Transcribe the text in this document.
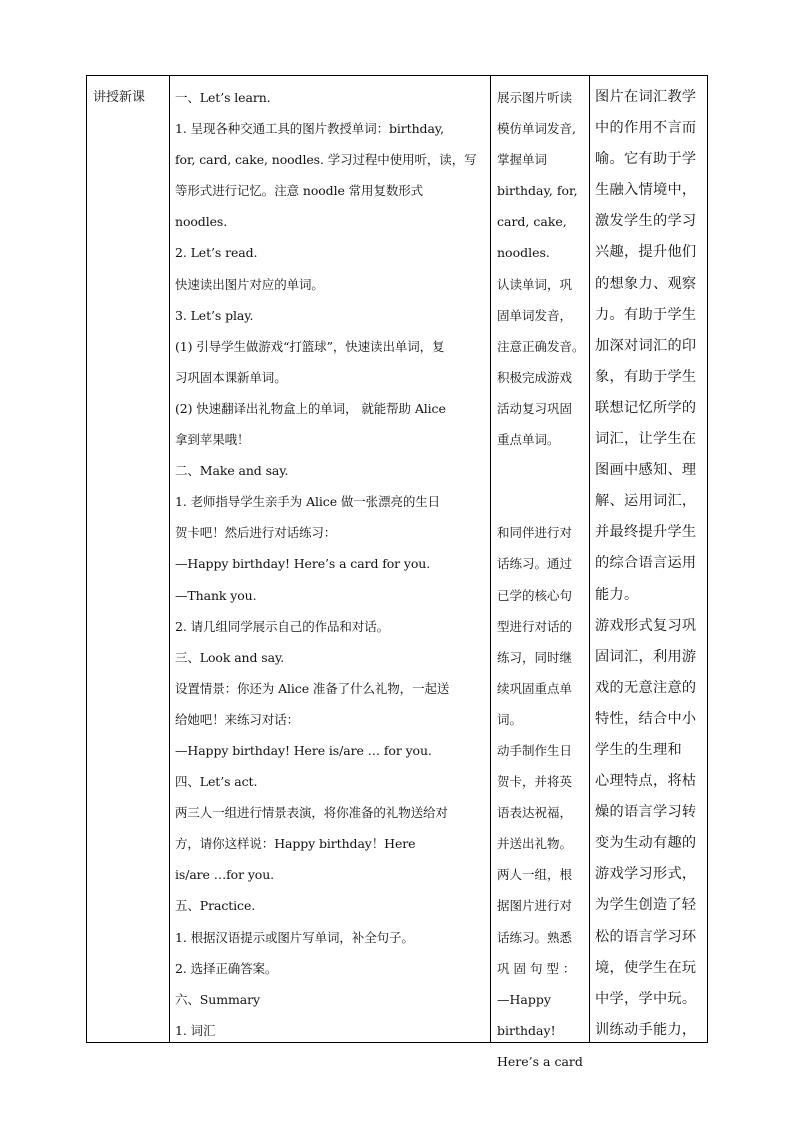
讲授新课	一、Let’s learn.
1. 呈现各种交通工具的图片教授单词：birthday,
for, card, cake, noodles. 学习过程中使用听，读，写
等形式进行记忆。注意 noodle 常用复数形式
noodles.
2. Let’s read.
快速读出图片对应的单词。
3. Let’s play.
(1) 引导学生做游戏“打篮球”，快速读出单词，复
习巩固本课新单词。
(2) 快速翻译出礼物盒上的单词， 就能帮助 Alice
拿到苹果哦！
二、Make and say.
1. 老师指导学生亲手为 Alice 做一张漂亮的生日
贺卡吧！然后进行对话练习：
—Happy birthday! Here’s a card for you.
—Thank you.
2. 请几组同学展示自己的作品和对话。
三、Look and say.
设置情景：你还为 Alice 准备了什么礼物，一起送
给她吧！来练习对话：
—Happy birthday! Here is/are … for you.
四、Let’s act.
两三人一组进行情景表演，将你准备的礼物送给对
方，请你这样说：Happy birthday！Here
is/are …for you.
五、Practice.
1. 根据汉语提示或图片写单词，补全句子。
2. 选择正确答案。
六、Summary
1. 词汇
展示图片听读
模仿单词发音,
掌握单词
birthday, for,
card, cake,
noodles.
认读单词，巩
固单词发音，
注意正确发音。
积极完成游戏
活动复习巩固
重点单词。
和同伴进行对
话练习。通过
已学的核心句
型进行对话的
练习，同时继
续巩固重点单
词。
动手制作生日
贺卡，并将英
语表达祝福，
并送出礼物。
两人一组，根
据图片进行对
话练习。熟悉
巩 固 句 型 ：
—Happy
birthday!
Here’s a card
图片在词汇教学
中的作用不言而
喻。它有助于学
生融入情境中，
激发学生的学习
兴趣，提升他们
的想象力、观察
力。有助于学生
加深对词汇的印
象，有助于学生
联想记忆所学的
词汇，让学生在
图画中感知、理
解、运用词汇，
并最终提升学生
的综合语言运用
能力。
游戏形式复习巩
固词汇，利用游
戏的无意注意的
特性，结合中小
学生的生理和
心理特点，将枯
燥的语言学习转
变为生动有趣的
游戏学习形式，
为学生创造了轻
松的语言学习环
境，使学生在玩
中学，学中玩。
训练动手能力，
